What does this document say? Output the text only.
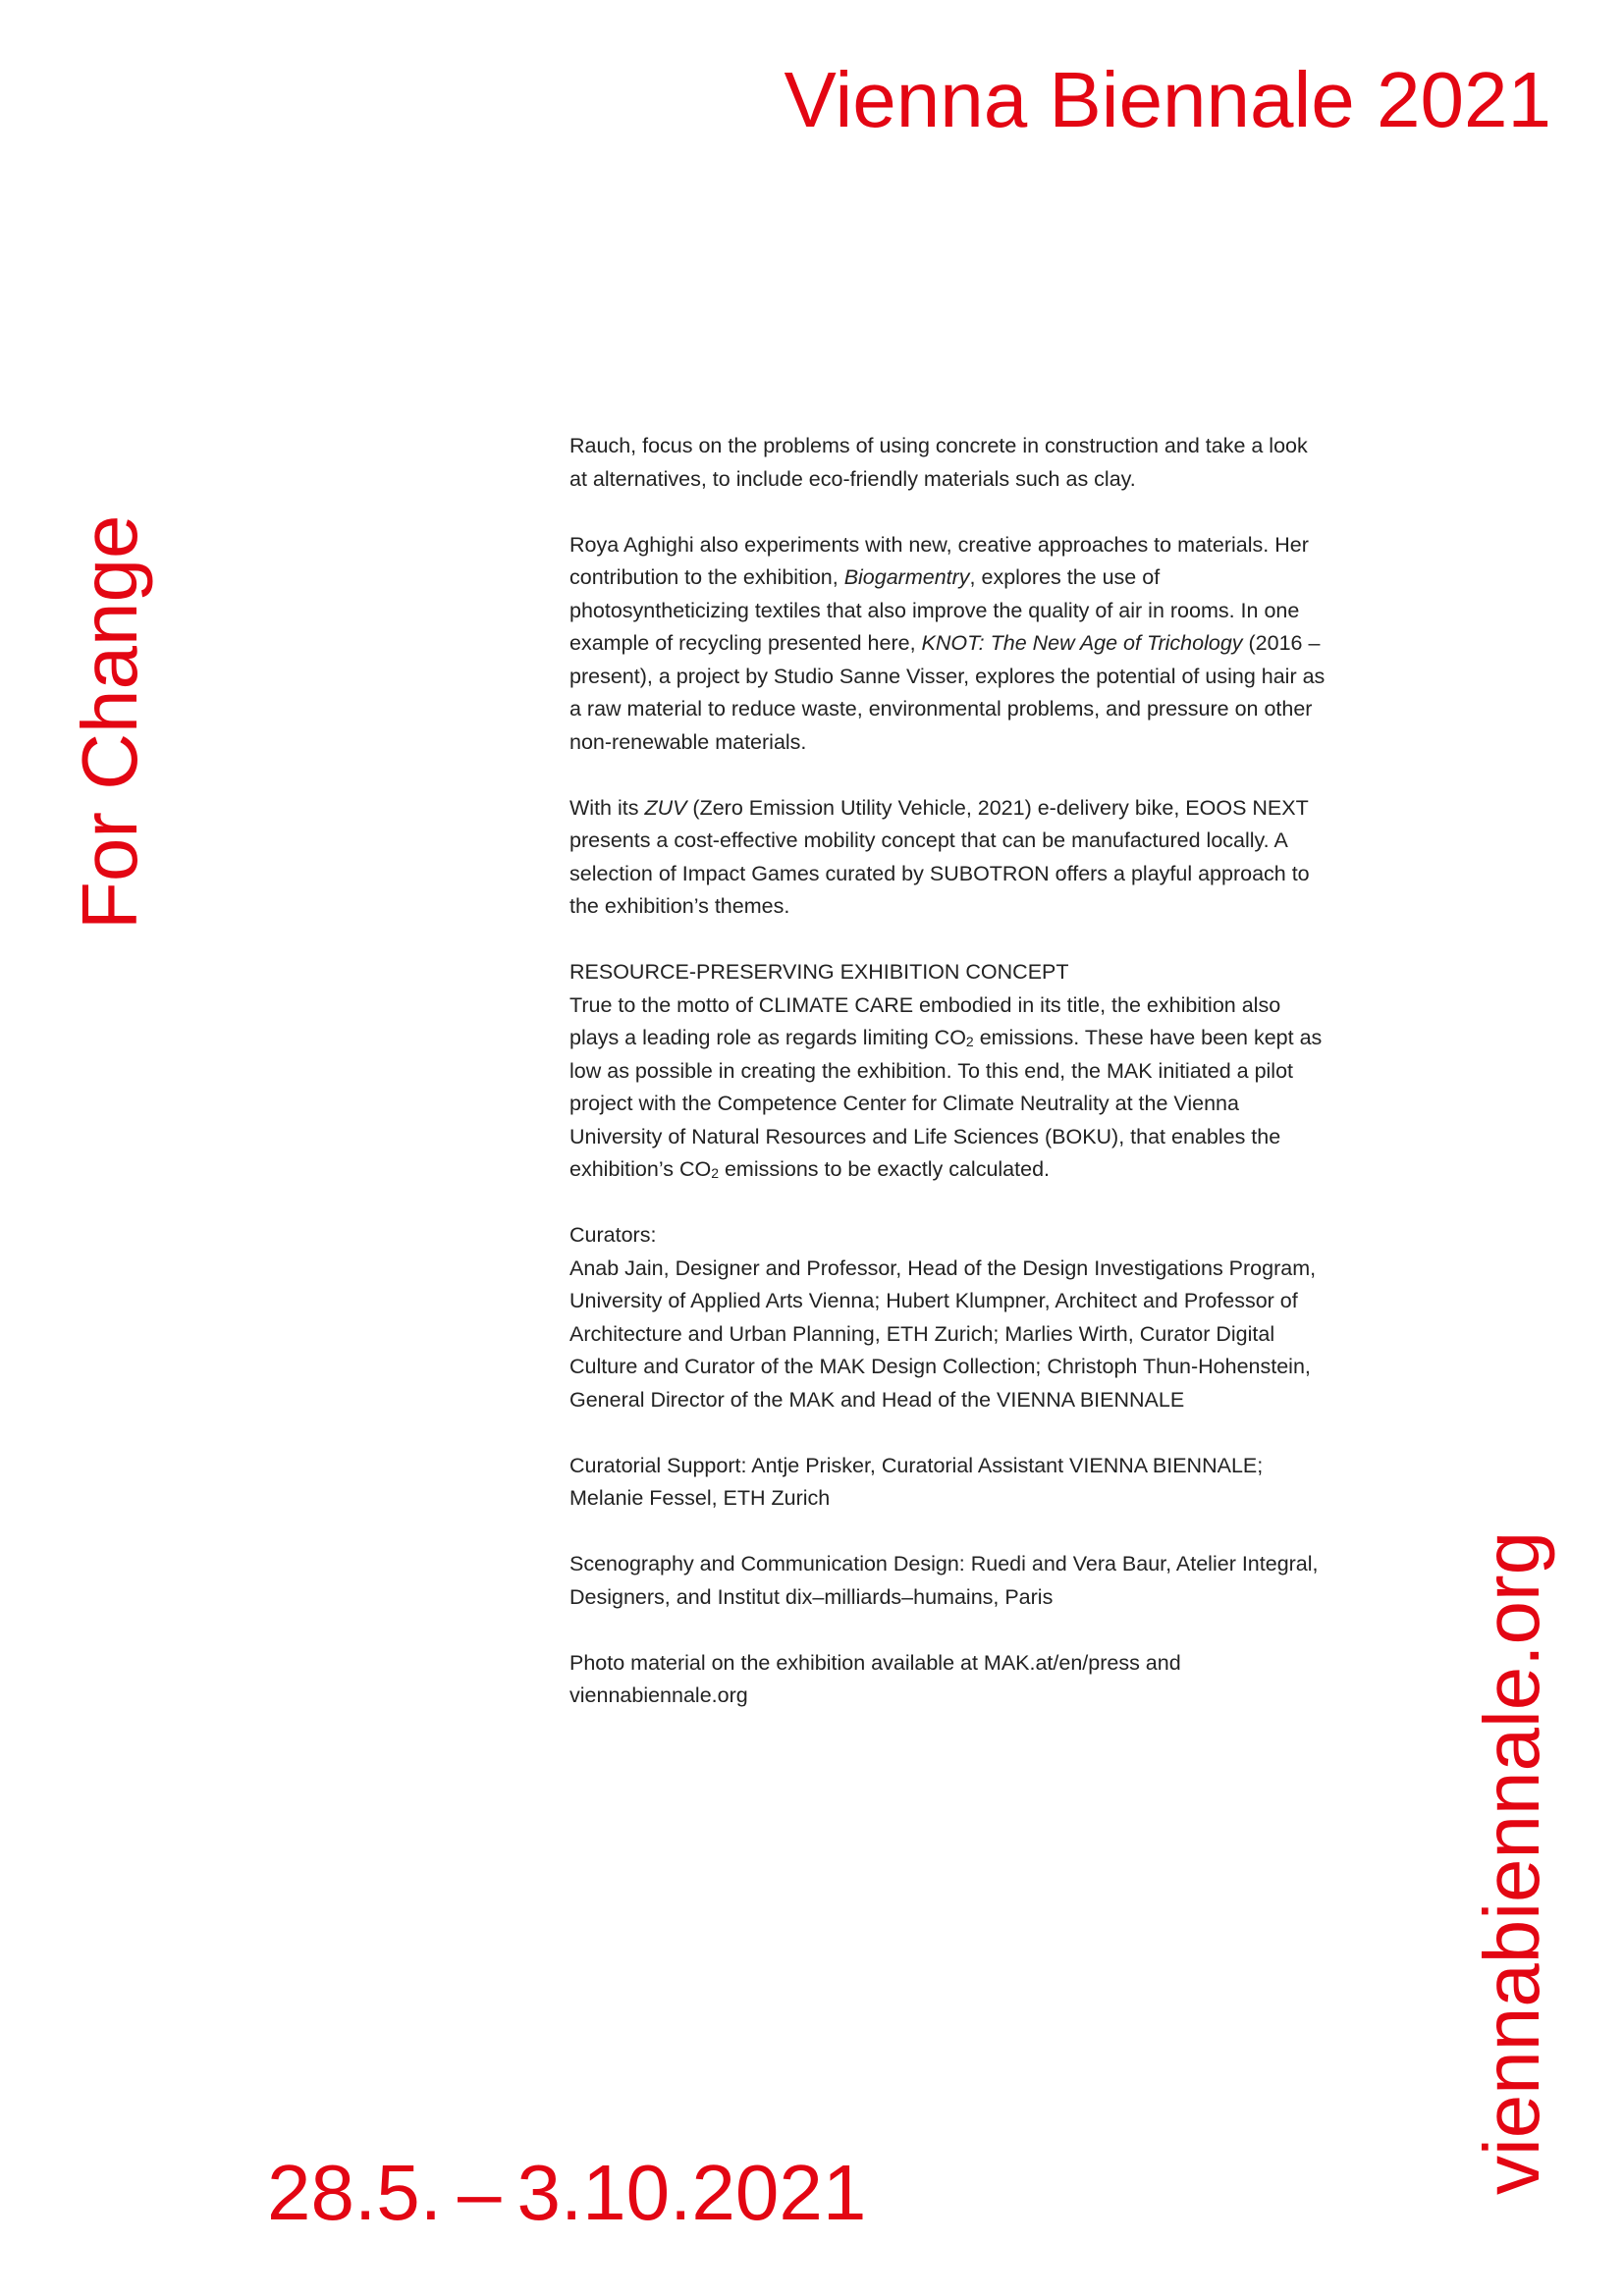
Vienna Biennale 2021
For Change
viennabiennale.org
28.5. – 3.10.2021

Rauch, focus on the problems of using concrete in construction and take a look at alternatives, to include eco-friendly materials such as clay.

Roya Aghighi also experiments with new, creative approaches to materials. Her contribution to the exhibition, Biogarmentry, explores the use of photosyntheticizing textiles that also improve the quality of air in rooms. In one example of recycling presented here, KNOT: The New Age of Trichology (2016 – present), a project by Studio Sanne Visser, explores the potential of using hair as a raw material to reduce waste, environmental problems, and pressure on other non-renewable materials.

With its ZUV (Zero Emission Utility Vehicle, 2021) e-delivery bike, EOOS NEXT presents a cost-effective mobility concept that can be manufactured locally. A selection of Impact Games curated by SUBOTRON offers a playful approach to the exhibition’s themes.

RESOURCE-PRESERVING EXHIBITION CONCEPT

True to the motto of CLIMATE CARE embodied in its title, the exhibition also plays a leading role as regards limiting $CO_2$ emissions. These have been kept as low as possible in creating the exhibition. To this end, the MAK initiated a pilot project with the Competence Center for Climate Neutrality at the Vienna University of Natural Resources and Life Sciences (BOKU), that enables the exhibition’s $CO_2$ emissions to be exactly calculated.

Curators:

Anab Jain, Designer and Professor, Head of the Design Investigations Program, University of Applied Arts Vienna; Hubert Klumpner, Architect and Professor of Architecture and Urban Planning, ETH Zurich; Marlies Wirth, Curator Digital Culture and Curator of the MAK Design Collection; Christoph Thun-Hohenstein, General Director of the MAK and Head of the VIENNA BIENNALE

Curatorial Support: Antje Prisker, Curatorial Assistant VIENNA BIENNALE; Melanie Fessel, ETH Zurich

Scenography and Communication Design: Ruedi and Vera Baur, Atelier Integral, Designers, and Institut dix–milliards–humains, Paris

Photo material on the exhibition available at MAK.at/en/press and viennabiennale.org
